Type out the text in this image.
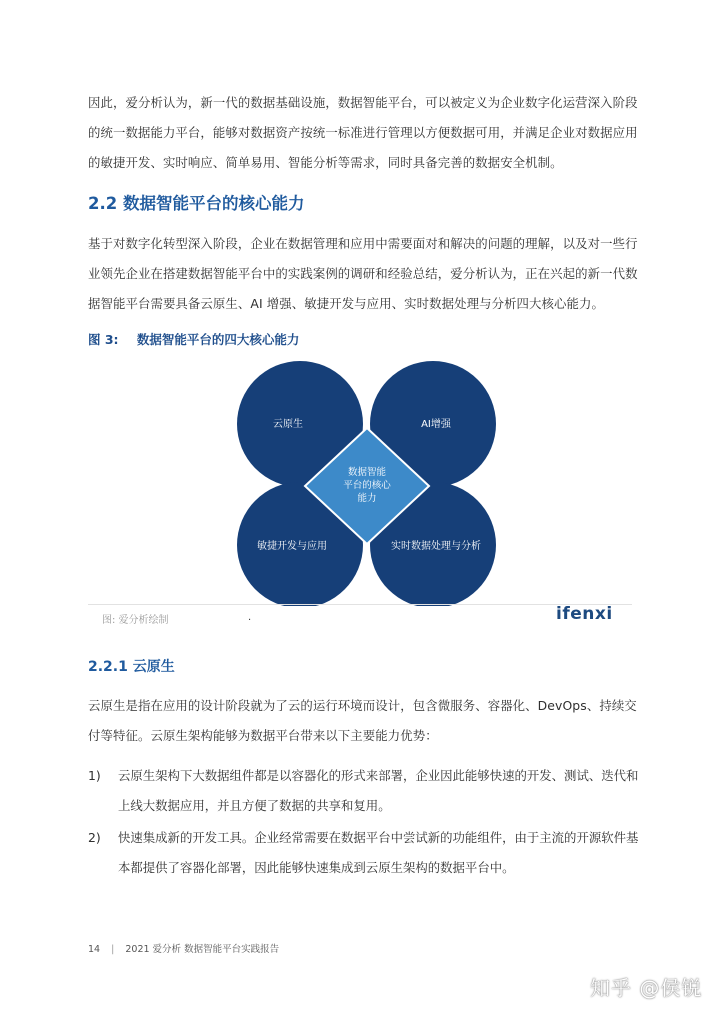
因此，爱分析认为，新一代的数据基础设施，数据智能平台，可以被定义为企业数字化运营深入阶段的统一数据能力平台，能够对数据资产按统一标准进行管理以方便数据可用，并满足企业对数据应用的敏捷开发、实时响应、简单易用、智能分析等需求，同时具备完善的数据安全机制。
2.2 数据智能平台的核心能力
基于对数字化转型深入阶段，企业在数据管理和应用中需要面对和解决的问题的理解，以及对一些行业领先企业在搭建数据智能平台中的实践案例的调研和经验总结，爱分析认为，正在兴起的新一代数据智能平台需要具备云原生、AI 增强、敏捷开发与应用、实时数据处理与分析四大核心能力。
图 3: 数据智能平台的四大核心能力
云原生	AI增强
敏捷开发与应用	实时数据处理与分析
数据智能
平台的核心
能力
图: 爱分析绘制	.	ifenxi
2.2.1 云原生
云原生是指在应用的设计阶段就为了云的运行环境而设计，包含微服务、容器化、DevOps、持续交付等特征。云原生架构能够为数据平台带来以下主要能力优势：
1)	云原生架构下大数据组件都是以容器化的形式来部署，企业因此能够快速的开发、测试、迭代和上线大数据应用，并且方便了数据的共享和复用。
2)	快速集成新的开发工具。企业经常需要在数据平台中尝试新的功能组件，由于主流的开源软件基本都提供了容器化部署，因此能够快速集成到云原生架构的数据平台中。
14 | 2021 爱分析 数据智能平台实践报告
知乎 @侯锐
